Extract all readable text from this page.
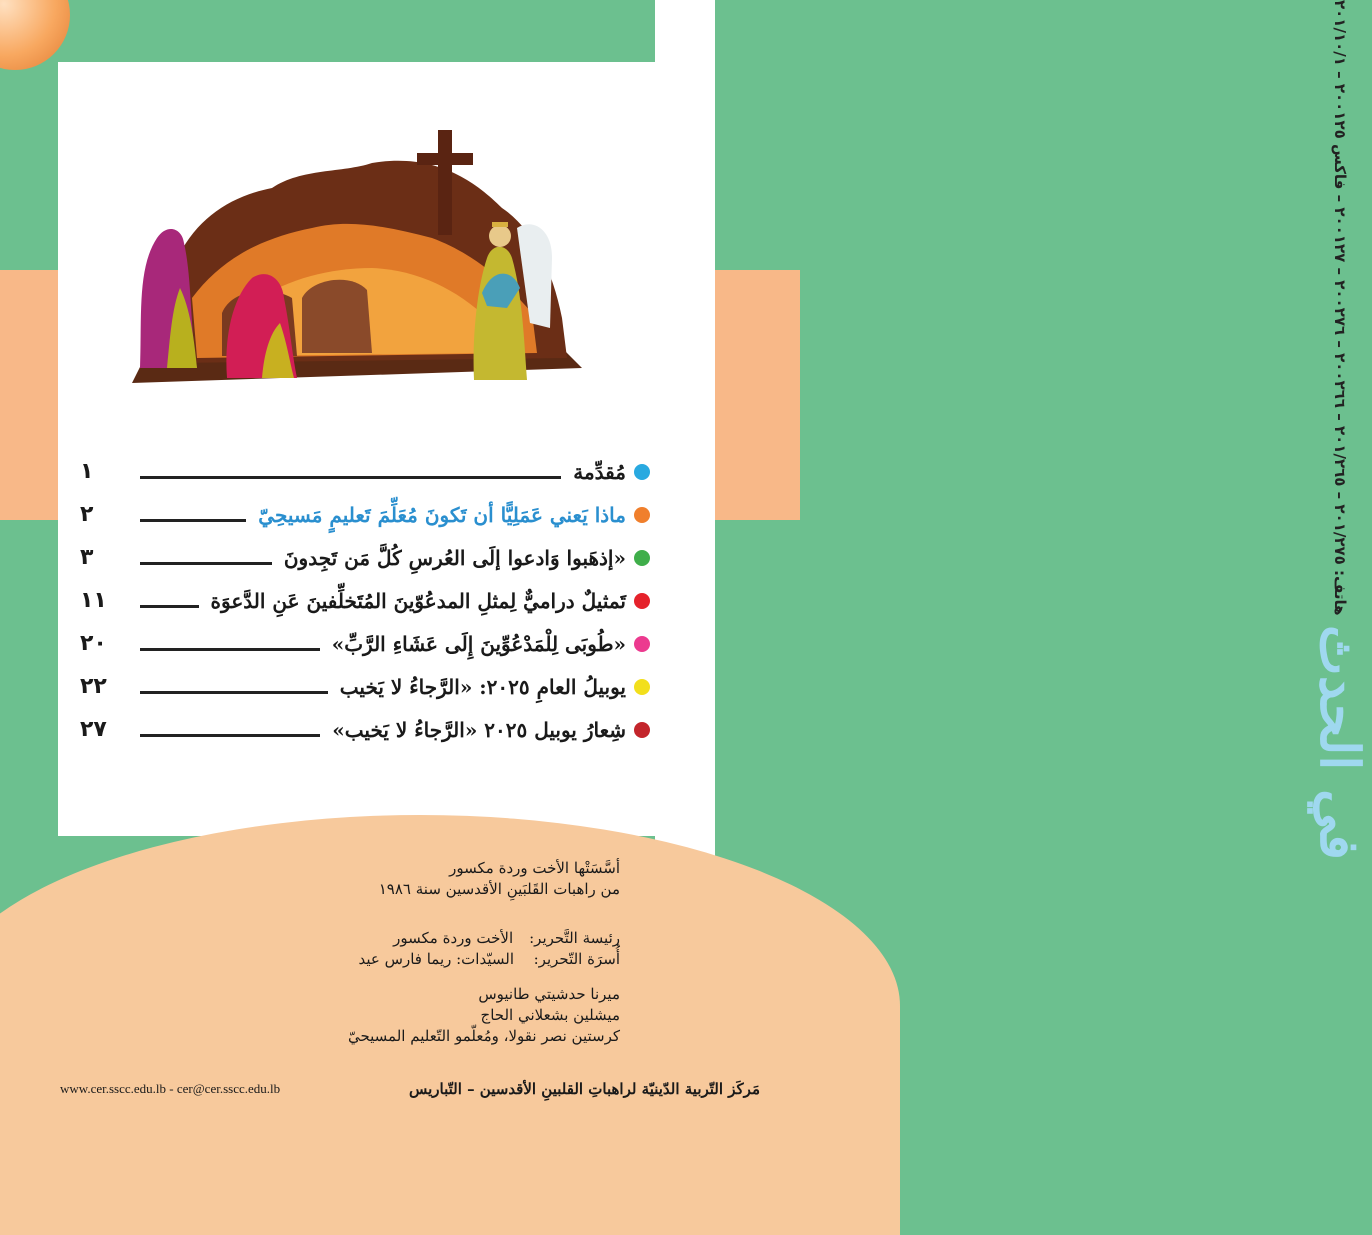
في الحدث
هاتف: ٢٠١/٢٧٥ – ٢٠١/٢٦٥ – ٢٠٠٢٦٦ – ٢٠٠٢٧٦ – ٢٠٠١٢٧ – فاكس ٢٠٠١٢٥ – ٢٠١/١٠/١
مُقدِّمة
١
ماذا يَعني عَمَلِيًّا أن تَكونَ مُعَلِّمَ تَعليمٍ مَسيحِيّ
٢
«إذهَبوا وَادعوا إلَى العُرسِ كُلَّ مَن تَجِدونَ
٣
تَمثيلٌ دراميٌّ لِمثلِ المدعُوّينَ المُتَخلِّفينَ عَنِ الدَّعوَة
١١
«طُوبَى لِلْمَدْعُوِّينَ إِلَى عَشَاءِ الرَّبِّ»
٢٠
يوبيلُ العامِ ٢٠٢٥: «الرَّجاءُ لا يَخيب
٢٢
شِعارُ يوبيل ٢٠٢٥ «الرَّجاءُ لا يَخيب»
٢٧

أسَّسَتْها الأخت وردة مكسور

من راهبات القَلبَينِ الأقدسين سنة ١٩٨٦

رئيسة التَّحرير:
الأخت وردة مكسور

أُسرَة التّحرير:
السيّدات: ريما فارس عيد

ميرنا حدشيتي طانيوس

ميشلين بشعلاني الحاج

كرستين نصر نقولا، ومُعلّمو التّعليم المسيحيّ

www.cer.sscc.edu.lb - cer@cer.sscc.edu.lb	مَركَز التّربية الدّينيّة لراهباتِ القلبينِ الأقدسين – التّباريس
